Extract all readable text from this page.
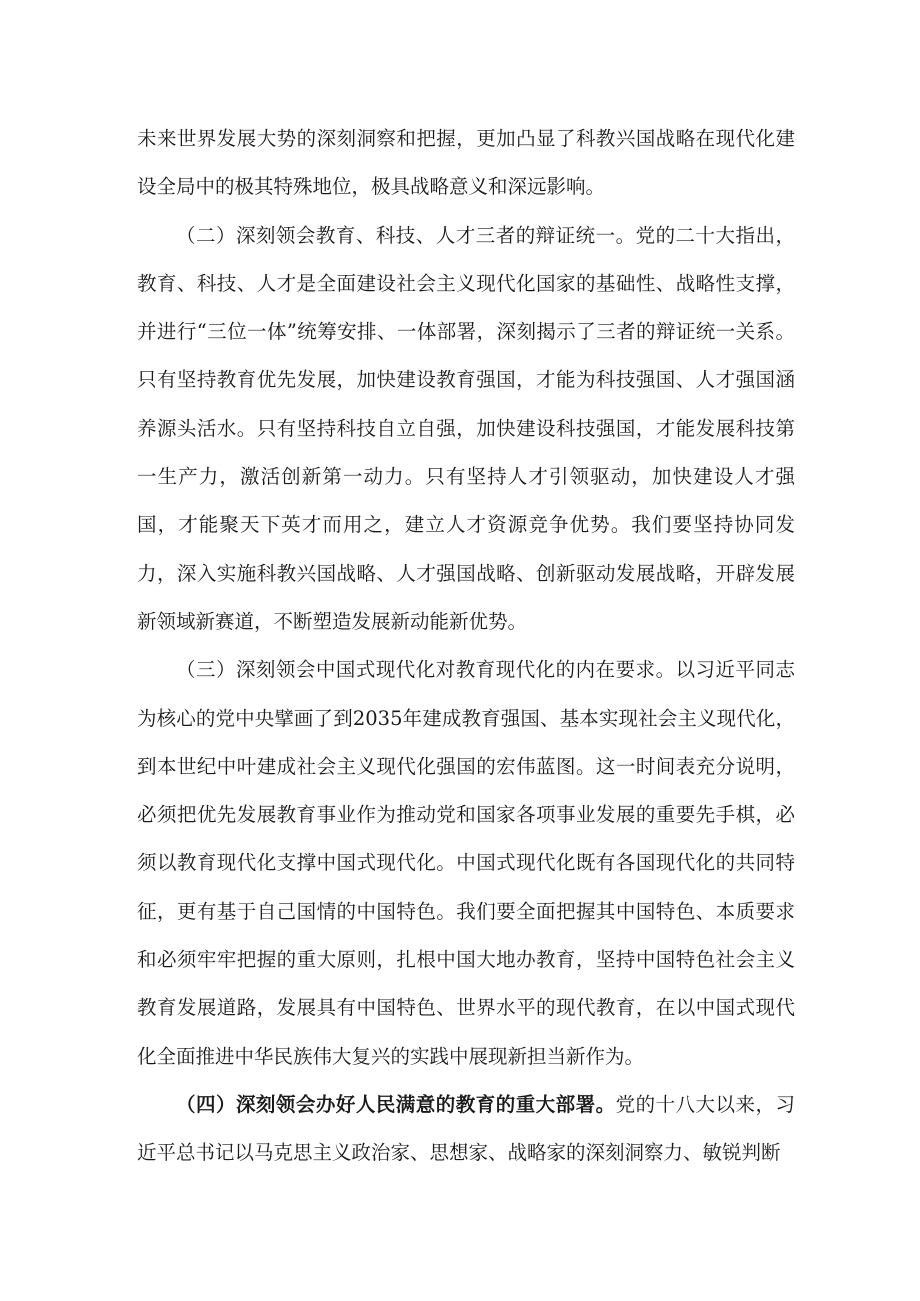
未来世界发展大势的深刻洞察和把握，更加凸显了科教兴国战略在现代化建设全局中的极其特殊地位，极具战略意义和深远影响。

（二）深刻领会教育、科技、人才三者的辩证统一。党的二十大指出，教育、科技、人才是全面建设社会主义现代化国家的基础性、战略性支撑，并进行“三位一体”统筹安排、一体部署，深刻揭示了三者的辩证统一关系。只有坚持教育优先发展，加快建设教育强国，才能为科技强国、人才强国涵养源头活水。只有坚持科技自立自强，加快建设科技强国，才能发展科技第一生产力，激活创新第一动力。只有坚持人才引领驱动，加快建设人才强国，才能聚天下英才而用之，建立人才资源竞争优势。我们要坚持协同发力，深入实施科教兴国战略、人才强国战略、创新驱动发展战略，开辟发展新领域新赛道，不断塑造发展新动能新优势。

（三）深刻领会中国式现代化对教育现代化的内在要求。以习近平同志为核心的党中央擘画了到2035年建成教育强国、基本实现社会主义现代化，到本世纪中叶建成社会主义现代化强国的宏伟蓝图。这一时间表充分说明，必须把优先发展教育事业作为推动党和国家各项事业发展的重要先手棋，必须以教育现代化支撑中国式现代化。中国式现代化既有各国现代化的共同特征，更有基于自己国情的中国特色。我们要全面把握其中国特色、本质要求和必须牢牢把握的重大原则，扎根中国大地办教育，坚持中国特色社会主义教育发展道路，发展具有中国特色、世界水平的现代教育，在以中国式现代化全面推进中华民族伟大复兴的实践中展现新担当新作为。

（四）深刻领会办好人民满意的教育的重大部署。党的十八大以来，习近平总书记以马克思主义政治家、思想家、战略家的深刻洞察力、敏锐判断
